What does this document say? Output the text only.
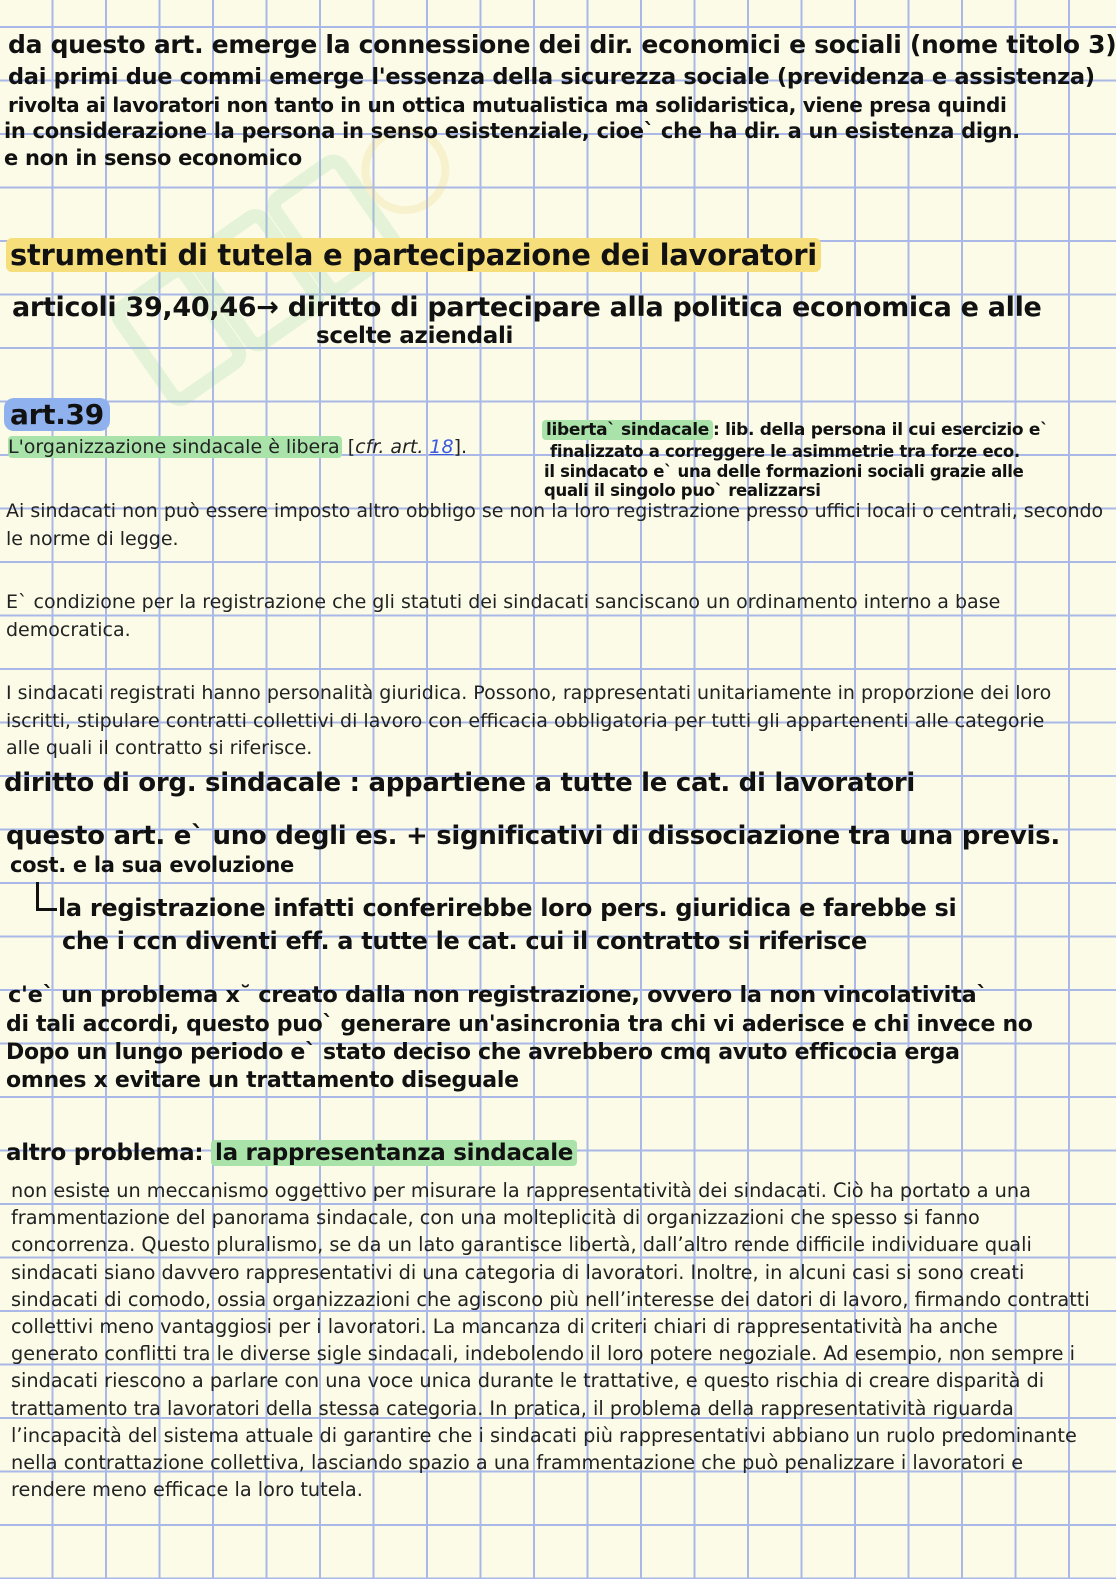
da questo art. emerge la connessione dei dir. economici e sociali (nome titolo 3)
dai primi due commi emerge l'essenza della sicurezza sociale (previdenza e assistenza)
rivolta ai lavoratori non tanto in un ottica mutualistica ma solidaristica, viene presa quindi
in considerazione la persona in senso esistenziale, cioe` che ha dir. a un esistenza dign.
e non in senso economico
strumenti di tutela e partecipazione dei lavoratori
articoli 39,40,46→ diritto di partecipare alla politica economica e alle
scelte aziendali
art.39
L'organizzazione sindacale è libera [cfr. art. 18].
liberta` sindacale : lib. della persona il cui esercizio e`
finalizzato a correggere le asimmetrie tra forze eco.
il sindacato e` una delle formazioni sociali grazie alle
quali il singolo puo` realizzarsi
Ai sindacati non può essere imposto altro obbligo se non la loro registrazione presso uffici locali o centrali, secondo le norme di legge.
E` condizione per la registrazione che gli statuti dei sindacati sanciscano un ordinamento interno a base democratica.
I sindacati registrati hanno personalità giuridica. Possono, rappresentati unitariamente in proporzione dei loro iscritti, stipulare contratti collettivi di lavoro con efficacia obbligatoria per tutti gli appartenenti alle categorie alle quali il contratto si riferisce.
diritto di org. sindacale : appartiene a tutte le cat. di lavoratori
questo art. e` uno degli es. + significativi di dissociazione tra una previs.
cost. e la sua evoluzione
la registrazione infatti conferirebbe loro pers. giuridica e farebbe si
che i ccn diventi eff. a tutte le cat. cui il contratto si riferisce
c'e` un problema x˘ creato dalla non registrazione, ovvero la non vincolativita`
di tali accordi, questo puo` generare un'asincronia tra chi vi aderisce e chi invece no
Dopo un lungo periodo e` stato deciso che avrebbero cmq avuto efficocia erga
omnes x evitare un trattamento diseguale
altro problema: la rappresentanza sindacale
non esiste un meccanismo oggettivo per misurare la rappresentatività dei sindacati. Ciò ha portato a una frammentazione del panorama sindacale, con una molteplicità di organizzazioni che spesso si fanno concorrenza. Questo pluralismo, se da un lato garantisce libertà, dall’altro rende difficile individuare quali sindacati siano davvero rappresentativi di una categoria di lavoratori. Inoltre, in alcuni casi si sono creati sindacati di comodo, ossia organizzazioni che agiscono più nell’interesse dei datori di lavoro, firmando contratti collettivi meno vantaggiosi per i lavoratori. La mancanza di criteri chiari di rappresentatività ha anche generato conflitti tra le diverse sigle sindacali, indebolendo il loro potere negoziale. Ad esempio, non sempre i sindacati riescono a parlare con una voce unica durante le trattative, e questo rischia di creare disparità di trattamento tra lavoratori della stessa categoria. In pratica, il problema della rappresentatività riguarda l’incapacità del sistema attuale di garantire che i sindacati più rappresentativi abbiano un ruolo predominante nella contrattazione collettiva, lasciando spazio a una frammentazione che può penalizzare i lavoratori e rendere meno efficace la loro tutela.
